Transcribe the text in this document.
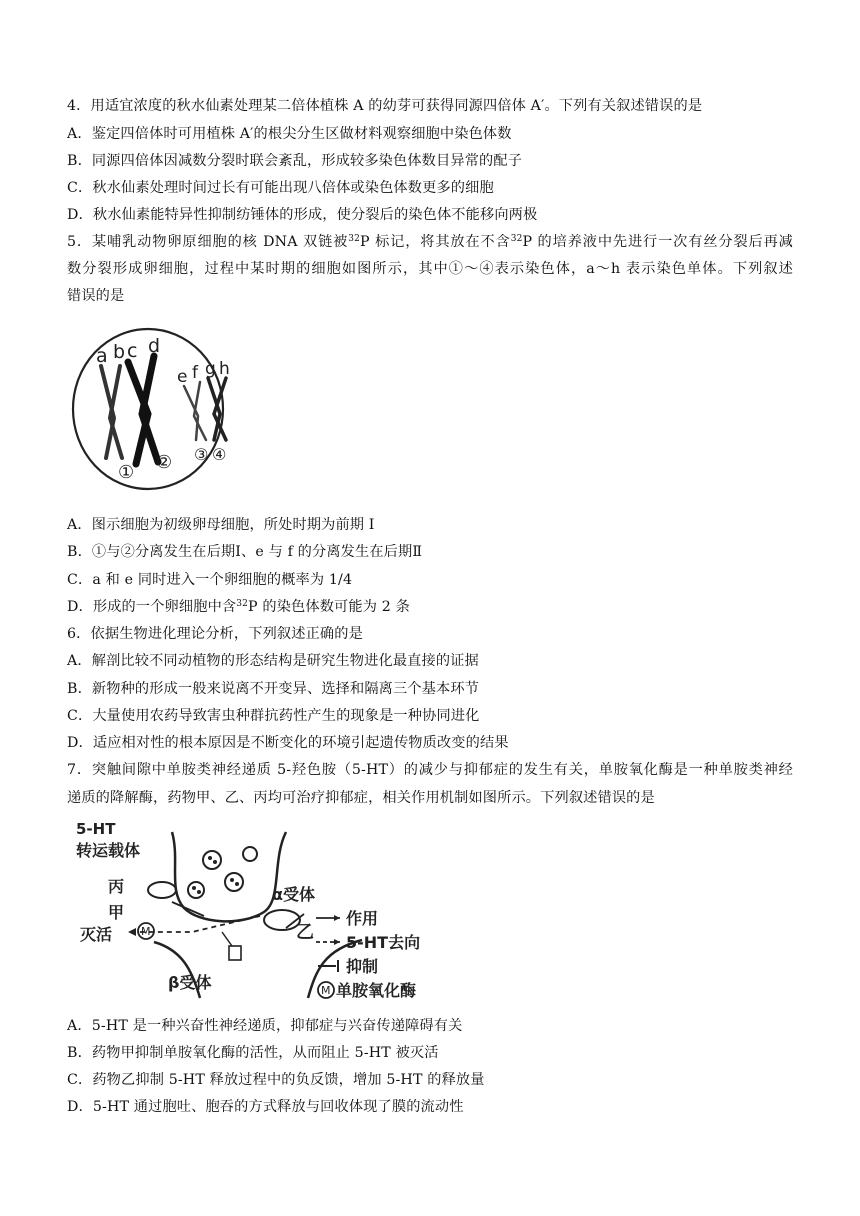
4．用适宜浓度的秋水仙素处理某二倍体植株 A 的幼芽可获得同源四倍体 A′。下列有关叙述错误的是
A．鉴定四倍体时可用植株 A′的根尖分生区做材料观察细胞中染色体数
B．同源四倍体因减数分裂时联会紊乱，形成较多染色体数目异常的配子
C．秋水仙素处理时间过长有可能出现八倍体或染色体数更多的细胞
D．秋水仙素能特异性抑制纺锤体的形成，使分裂后的染色体不能移向两极
5．某哺乳动物卵原细胞的核 DNA 双链被$^{32}$P 标记，将其放在不含$^{32}$P 的培养液中先进行一次有丝分裂后再减
数分裂形成卵细胞，过程中某时期的细胞如图所示，其中①～④表示染色体，a～h 表示染色单体。下列叙述
错误的是
a b c d
e f g h
① ② ③ ④
A．图示细胞为初级卵母细胞，所处时期为前期 I
B．①与②分离发生在后期Ⅰ、e 与 f 的分离发生在后期Ⅱ
C．a 和 e 同时进入一个卵细胞的概率为 1/4
D．形成的一个卵细胞中含$^{32}$P 的染色体数可能为 2 条
6．依据生物进化理论分析，下列叙述正确的是
A．解剖比较不同动植物的形态结构是研究生物进化最直接的证据
B．新物种的形成一般来说离不开变异、选择和隔离三个基本环节
C．大量使用农药导致害虫种群抗药性产生的现象是一种协同进化
D．适应相对性的根本原因是不断变化的环境引起遗传物质改变的结果
7．突触间隙中单胺类神经递质 5-羟色胺（5-HT）的减少与抑郁症的发生有关，单胺氧化酶是一种单胺类神经
递质的降解酶，药物甲、乙、丙均可治疗抑郁症，相关作用机制如图所示。下列叙述错误的是
M
5-HT
转运载体
丙
甲
灭活
α受体
乙
β受体
作用
5-HT去向
抑制
M 单胺氧化酶
A．5-HT 是一种兴奋性神经递质，抑郁症与兴奋传递障碍有关
B．药物甲抑制单胺氧化酶的活性，从而阻止 5-HT 被灭活
C．药物乙抑制 5-HT 释放过程中的负反馈，增加 5-HT 的释放量
D．5-HT 通过胞吐、胞吞的方式释放与回收体现了膜的流动性
